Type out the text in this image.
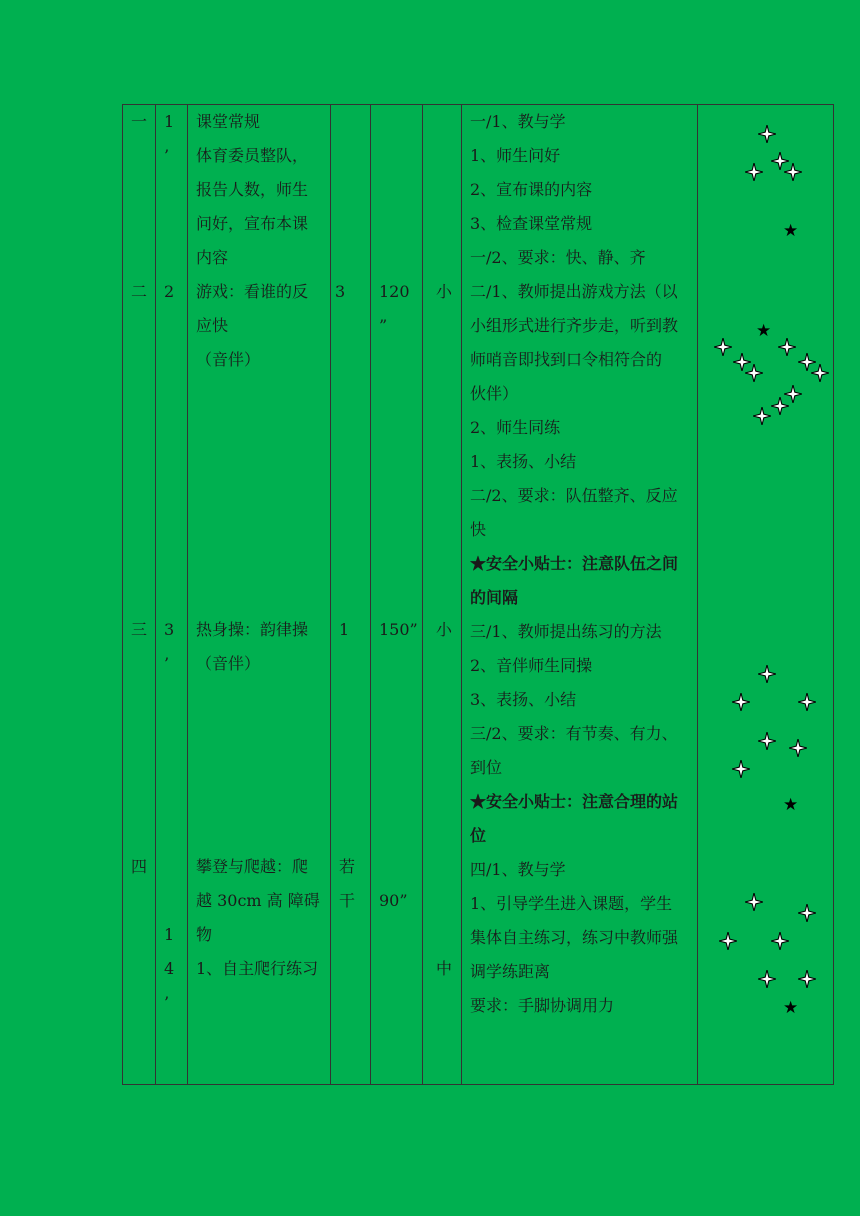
一 1
’
课堂常规
体育委员整队，
报告人数，师生
问好，宣布本课
内容
二 2 游戏：看谁的反
应快
（音伴）
3 120
”
小
三 3
’
热身操：韵律操
（音伴）
1 150” 小
四
1
4
’
攀登与爬越：爬
越 30cm 高 障碍
物
1、自主爬行练习
若
干 90”
中
一/1、教与学
1、师生问好
2、宣布课的内容
3、检查课堂常规
一/2、要求：快、静、齐
二/1、教师提出游戏方法（以
小组形式进行齐步走，听到教
师哨音即找到口令相符合的
伙伴）
2、师生同练
1、表扬、小结
二/2、要求：队伍整齐、反应
快
★安全小贴士：注意队伍之间
的间隔
三/1、教师提出练习的方法
2、音伴师生同操
3、表扬、小结
三/2、要求：有节奏、有力、
到位
★安全小贴士：注意合理的站
位
四/1、教与学
1、引导学生进入课题，学生
集体自主练习，练习中教师强
调学练距离
要求：手脚协调用力
★
★
★
★
